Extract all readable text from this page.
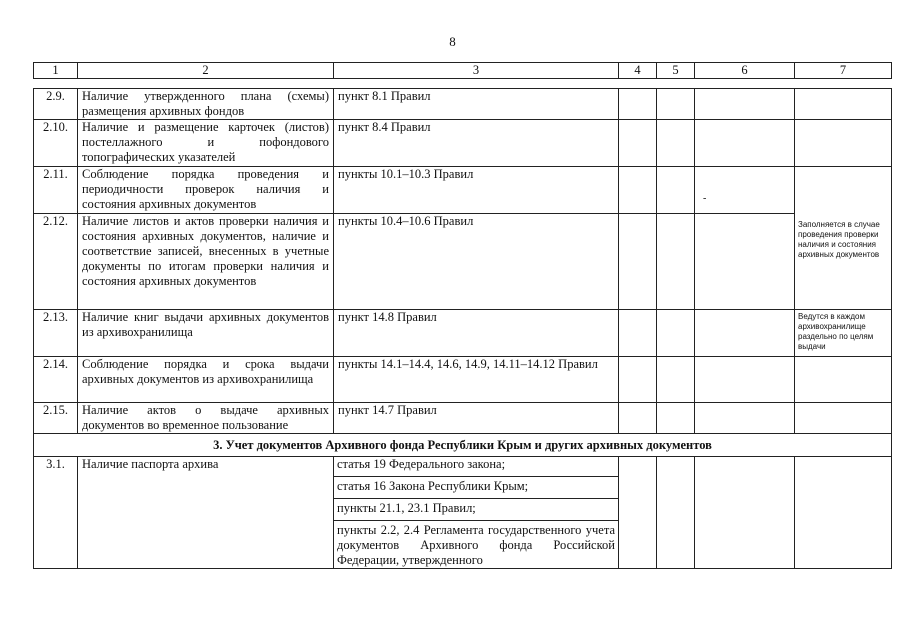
8
1	2	3	4	5	6	7
2.9.	Наличие утвержденного плана (схемы) размещения архивных фондов	пункт 8.1 Правил				
2.10.	Наличие и размещение карточек (листов) постеллажного и пофондового топографических указателей	пункт 8.4 Правил				
2.11.	Соблюдение порядка проведения и периодичности проверок наличия и состояния архивных документов	пункты 10.1–10.3 Правил			-	Заполняется в случае проведения проверки наличия и состояния архивных документов
2.12.	Наличие листов и актов проверки наличия и состояния архивных документов, наличие и соответствие записей, внесенных в учетные документы по итогам проверки наличия и состояния архивных документов	пункты 10.4–10.6 Правил				
2.13.	Наличие книг выдачи архивных документов из архивохранилища	пункт 14.8 Правил				Ведутся в каждом архивохранилище раздельно по целям выдачи
2.14.	Соблюдение порядка и срока выдачи архивных документов из архивохранилища	пункты 14.1–14.4, 14.6, 14.9, 14.11–14.12 Правил				
2.15.	Наличие актов о выдаче архивных документов во временное пользование	пункт 14.7 Правил				
3. Учет документов Архивного фонда Республики Крым и других архивных документов						
3.1.	Наличие паспорта архива	статья 19 Федерального закона;
статья 16 Закона Республики Крым;
пункты 21.1, 23.1 Правил;
пункты 2.2, 2.4 Регламента государственного учета документов Архивного фонда Российской Федерации, утвержденного				
